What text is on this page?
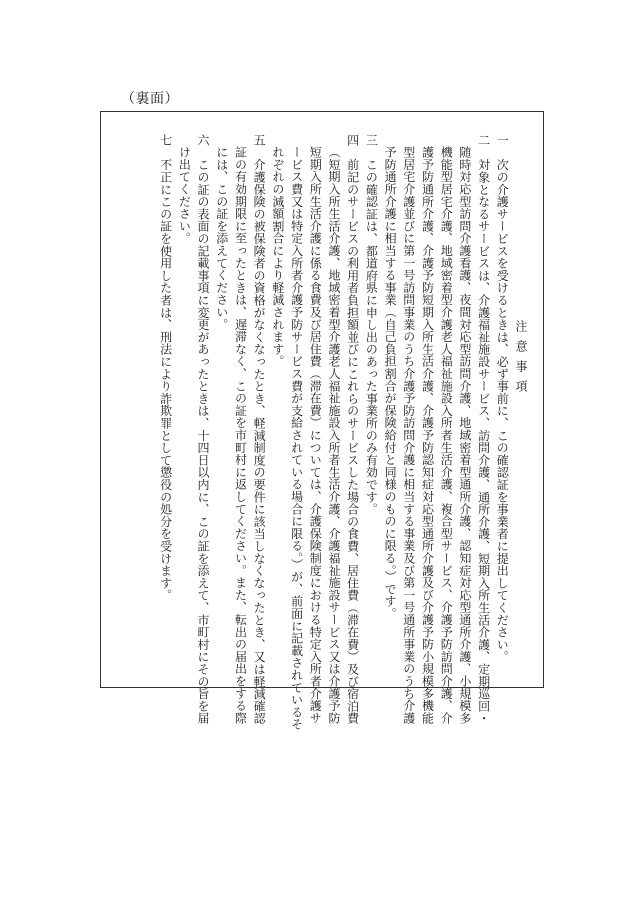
（裏面）
注意事項
一　次の介護サービスを受けるときは、必ず事前に、この確認証を事業者に提出してください。
二　対象となるサービスは、介護福祉施設サービス、訪問介護、通所介護、短期入所生活介護、定期巡回・
随時対応型訪問介護看護、夜間対応型訪問介護、地域密着型通所介護、認知症対応型通所介護、小規模多
機能型居宅介護、地域密着型介護老人福祉施設入所者生活介護、複合型サービス、介護予防訪問介護、介
護予防通所介護、介護予防短期入所生活介護、介護予防認知症対応型通所介護及び介護予防小規模多機能
型居宅介護並びに第一号訪問事業のうち介護予防訪問介護に相当する事業及び第一号通所事業のうち介護
予防通所介護に相当する事業（自己負担割合が保険給付と同様のものに限る。）です。
三　この確認証は、都道府県に申し出のあった事業所のみ有効です。
四　前記のサービスの利用者負担額並びにこれらのサービスした場合の食費、居住費（滞在費）及び宿泊費
（短期入所生活介護、地域密着型介護老人福祉施設入所者生活介護、介護福祉施設サービス又は介護予防
短期入所生活介護に係る食費及び居住費（滞在費）については、介護保険制度における特定入所者介護サ
ービス費又は特定入所者介護予防サービス費が支給されている場合に限る。）が、前面に記載されているそ
れぞれの減額割合により軽減されます。
五　介護保険の被保険者の資格がなくなったとき、軽減制度の要件に該当しなくなったとき、又は軽減確認
証の有効期限に至ったときは、遅滞なく、この証を市町村に返してください。また、転出の届出をする際
には、この証を添えてください。
六　この証の表面の記載事項に変更があったときは、十四日以内に、この証を添えて、市町村にその旨を届
け出てください。
七　不正にこの証を使用した者は、刑法により詐欺罪として懲役の処分を受けます。
